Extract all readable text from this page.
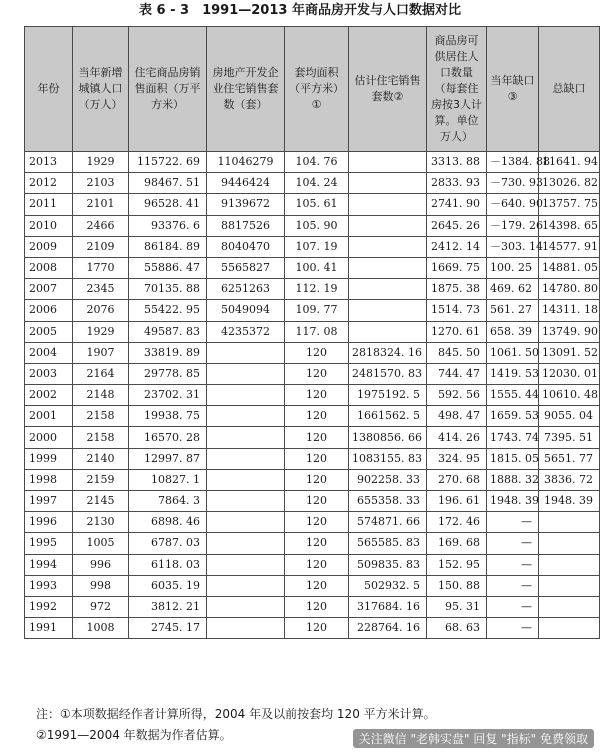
表 6 - 3　1991—2013 年商品房开发与人口数据对比
年份	当年新增城镇人口（万人）	住宅商品房销售面积（万平方米）	房地产开发企业住宅销售套数（套）	套均面积（平方米）①	估计住宅销售套数②	商品房可供居住人口数量（每套住房按3人计算。单位万人）	当年缺口③	总缺口
2013	1929	115722. 69	11046279	104. 76		3313. 88	－1384. 88	11641. 94
2012	2103	98467. 51	9446424	104. 24		2833. 93	－730. 93	13026. 82
2011	2101	96528. 41	9139672	105. 61		2741. 90	－640. 90	13757. 75
2010	2466	93376. 6	8817526	105. 90		2645. 26	－179. 26	14398. 65
2009	2109	86184. 89	8040470	107. 19		2412. 14	－303. 14	14577. 91
2008	1770	55886. 47	5565827	100. 41		1669. 75	100. 25	14881. 05
2007	2345	70135. 88	6251263	112. 19		1875. 38	469. 62	14780. 80
2006	2076	55422. 95	5049094	109. 77		1514. 73	561. 27	14311. 18
2005	1929	49587. 83	4235372	117. 08		1270. 61	658. 39	13749. 90
2004	1907	33819. 89		120	2818324. 16	845. 50	1061. 50	13091. 52
2003	2164	29778. 85		120	2481570. 83	744. 47	1419. 53	12030. 01
2002	2148	23702. 31		120	1975192. 5	592. 56	1555. 44	10610. 48
2001	2158	19938. 75		120	1661562. 5	498. 47	1659. 53	9055. 04
2000	2158	16570. 28		120	1380856. 66	414. 26	1743. 74	7395. 51
1999	2140	12997. 87		120	1083155. 83	324. 95	1815. 05	5651. 77
1998	2159	10827. 1		120	902258. 33	270. 68	1888. 32	3836. 72
1997	2145	7864. 3		120	655358. 33	196. 61	1948. 39	1948. 39
1996	2130	6898. 46		120	574871. 66	172. 46	—	
1995	1005	6787. 03		120	565585. 83	169. 68	—	
1994	996	6118. 03		120	509835. 83	152. 95	—	
1993	998	6035. 19		120	502932. 5	150. 88	—	
1992	972	3812. 21		120	317684. 16	95. 31	—	
1991	1008	2745. 17		120	228764. 16	68. 63	—	
注：①本项数据经作者计算所得，2004 年及以前按套均 120 平方米计算。
②1991—2004 年数据为作者估算。	关注微信 "老韩实盘" 回复 "指标" 免费领取
